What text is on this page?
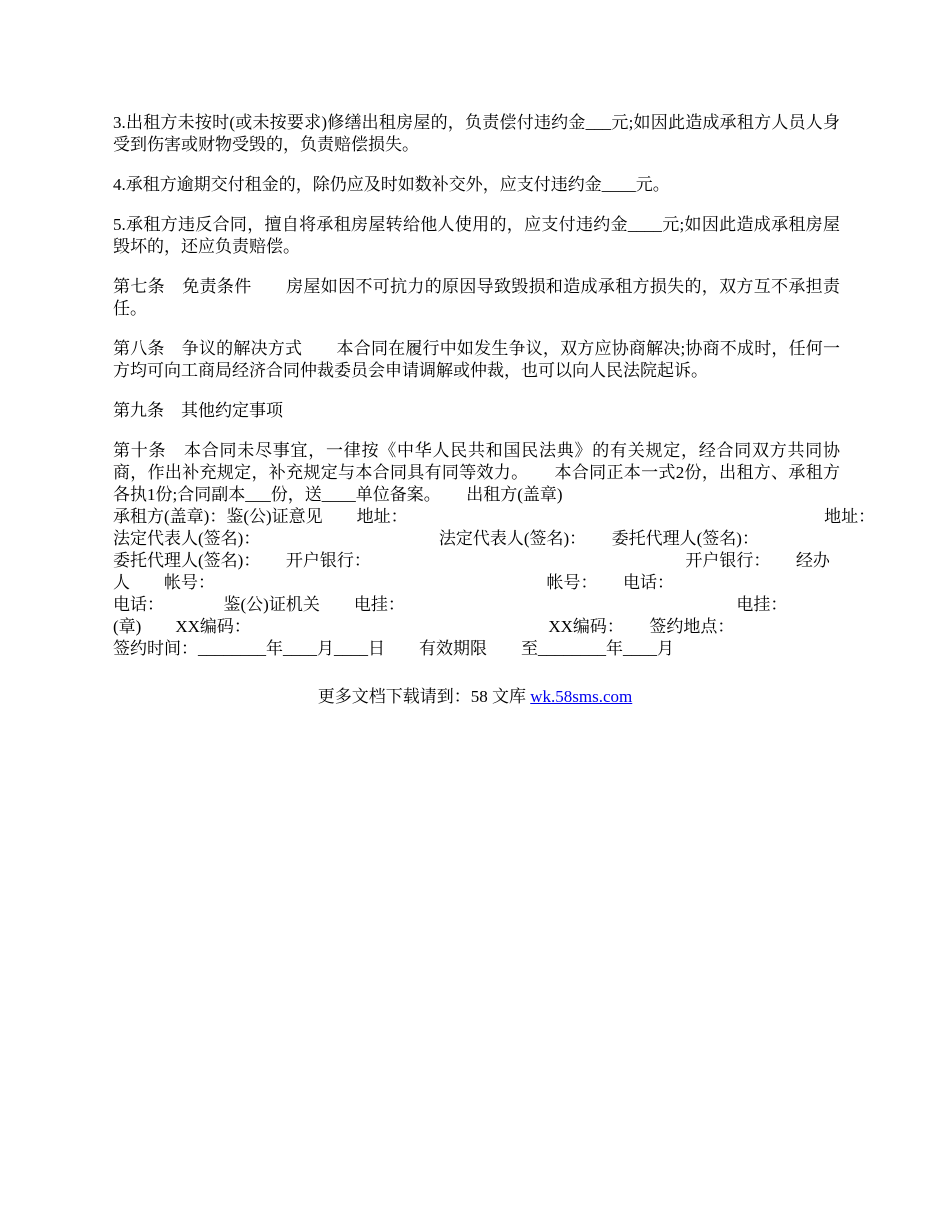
3.出租方未按时(或未按要求)修缮出租房屋的，负责偿付违约金___元;如因此造成承租方人员人身受到伤害或财物受毁的，负责赔偿损失。

4.承租方逾期交付租金的，除仍应及时如数补交外，应支付违约金____元。

5.承租方违反合同，擅自将承租房屋转给他人使用的，应支付违约金____元;如因此造成承租房屋毁坏的，还应负责赔偿。

第七条　免责条件　　房屋如因不可抗力的原因导致毁损和造成承租方损失的，双方互不承担责任。

第八条　争议的解决方式　　本合同在履行中如发生争议，双方应协商解决;协商不成时，任何一方均可向工商局经济合同仲裁委员会申请调解或仲裁，也可以向人民法院起诉。

第九条　其他约定事项

第十条　本合同未尽事宜，一律按《中华人民共和国民法典》的有关规定，经合同双方共同协商，作出补充规定，补充规定与本合同具有同等效力。　　本合同正本一式2份，出租方、承租方各执1份;合同副本___份，送____单位备案。　　出租方(盖章)

承租方(盖章)：鉴(公)证意见　　地址：　　　　　　　　　　　　　　　　　　　　　　　　　地址：

法定代表人(签名)：　　　　　　　　　　　法定代表人(签名)：　　委托代理人(签名)：

委托代理人(签名)：　　开户银行：　　　　　　　　　　　　　　　　　　　开户银行：　　经办

人　　帐号：　　　　　　　　　　　　　　　　　　　　帐号：　　电话：

电话：　　　　鉴(公)证机关　　电挂：　　　　　　　　　　　　　　　　　　　　电挂：

(章)　　XX编码：　　　　　　　　　　　　　　　　　　XX编码：　　签约地点：

签约时间：________年____月____日　　有效期限　　至________年____月

更多文档下载请到：58 文库 wk.58sms.com
